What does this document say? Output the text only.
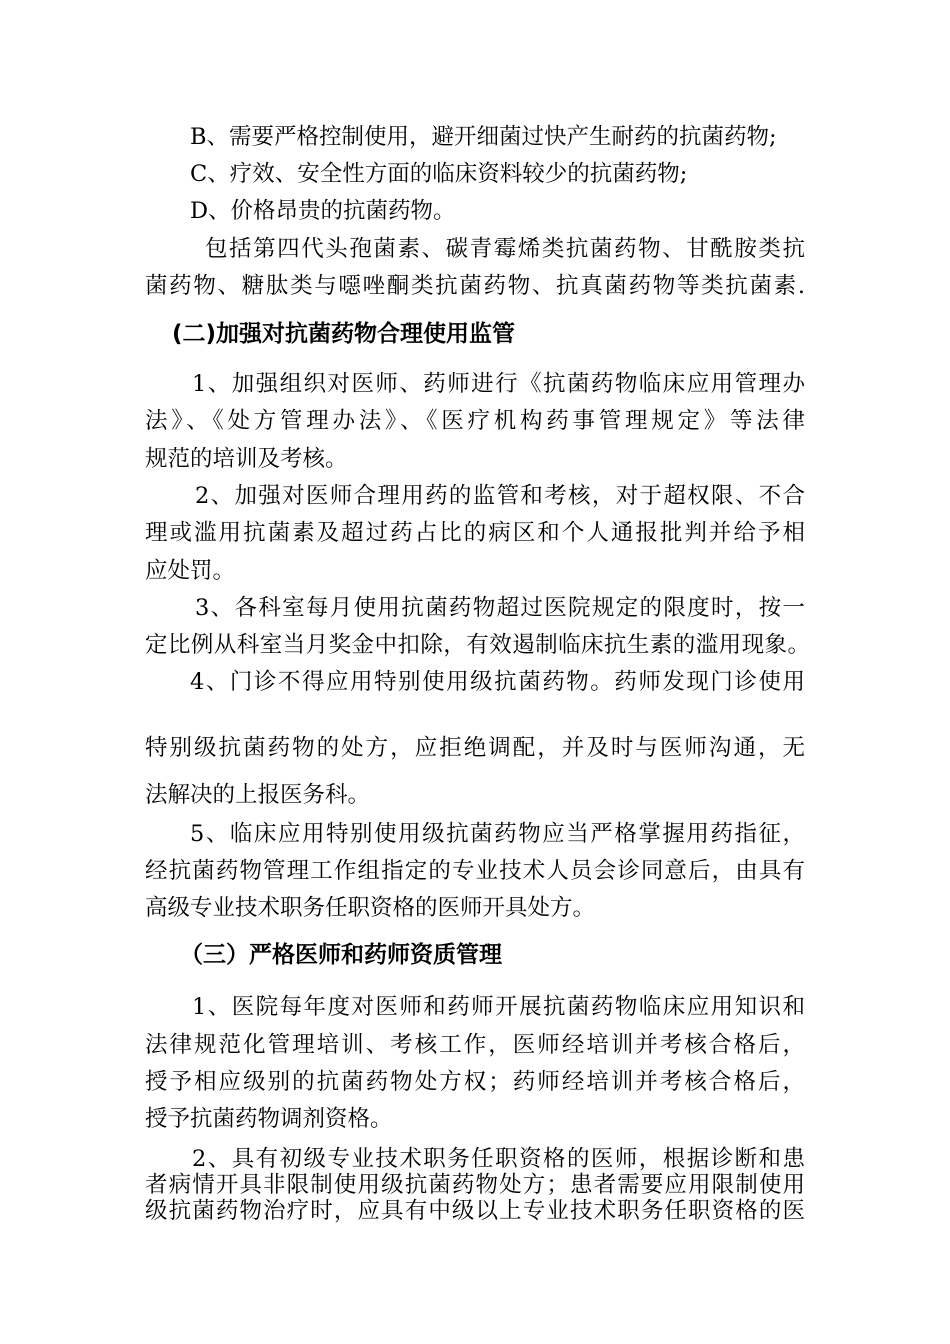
B、需要严格控制使用，避开细菌过快产生耐药的抗菌药物;

C、疗效、安全性方面的临床资料较少的抗菌药物;

D、价格昂贵的抗菌药物。

包括第四代头孢菌素、碳青霉烯类抗菌药物、甘酰胺类抗

菌药物、糖肽类与噁唑酮类抗菌药物、抗真菌药物等类抗菌素.

(二)加强对抗菌药物合理使用监管

1、加强组织对医师、药师进行《抗菌药物临床应用管理办

法》、《处方管理办法》、《医疗机构药事管理规定》等法律

规范的培训及考核。

2、加强对医师合理用药的监管和考核，对于超权限、不合

理或滥用抗菌素及超过药占比的病区和个人通报批判并给予相

应处罚。

3、各科室每月使用抗菌药物超过医院规定的限度时，按一

定比例从科室当月奖金中扣除，有效遏制临床抗生素的滥用现象。

4、门诊不得应用特别使用级抗菌药物。药师发现门诊使用

特别级抗菌药物的处方，应拒绝调配，并及时与医师沟通，无

法解决的上报医务科。

5、临床应用特别使用级抗菌药物应当严格掌握用药指征，

经抗菌药物管理工作组指定的专业技术人员会诊同意后，由具有

高级专业技术职务任职资格的医师开具处方。

（三）严格医师和药师资质管理

1、医院每年度对医师和药师开展抗菌药物临床应用知识和

法律规范化管理培训、考核工作，医师经培训并考核合格后，

授予相应级别的抗菌药物处方权；药师经培训并考核合格后，

授予抗菌药物调剂资格。

2、具有初级专业技术职务任职资格的医师，根据诊断和患

者病情开具非限制使用级抗菌药物处方；患者需要应用限制使用

级抗菌药物治疗时，应具有中级以上专业技术职务任职资格的医
